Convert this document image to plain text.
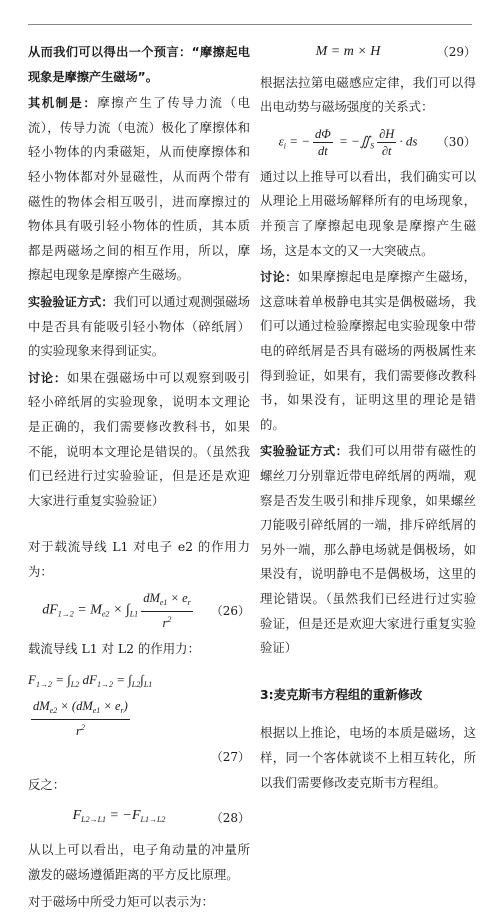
从而我们可以得出一个预言：“摩擦起电现象是摩擦产生磁场”。

其机制是：摩擦产生了传导力流（电流），传导力流（电流）极化了摩擦体和轻小物体的内秉磁矩，从而使摩擦体和轻小物体都对外显磁性，从而两个带有磁性的物体会相互吸引，进而摩擦过的物体具有吸引轻小物体的性质，其本质都是两磁场之间的相互作用，所以，摩擦起电现象是摩擦产生磁场。

实验验证方式：我们可以通过观测强磁场中是否具有能吸引轻小物体（碎纸屑）的实验现象来得到证实。

讨论：如果在强磁场中可以观察到吸引轻小碎纸屑的实验现象，说明本文理论是正确的，我们需要修改教科书，如果不能，说明本文理论是错误的。（虽然我们已经进行过实验验证，但是还是欢迎大家进行重复实验验证）

对于载流导线 L1 对电子 e2 的作用力为：

$dF_{1\to 2} = M_{e2} \times \int_{L1} \frac{dM_{e1} \times e_r}{r^2} (26)$

载流导线 L1 对 L2 的作用力：

$F_{1\to 2} = \int_{L2}$ $dF_{1\to 2} = \int_{L2}\int_{L1}$
$\frac{dM_{e2} \times (dM_{e1} \times e_r)}{r^2}$

（27）

反之：

$F_{L2\to L1} = -F_{L1\to L2}$	（28）

从以上可以看出，电子角动量的冲量所激发的磁场遵循距离的平方反比原理。

对于磁场中所受力矩可以表示为：

M = m × H	（29）

根据法拉第电磁感应定律，我们可以得出电动势与磁场强度的关系式：

$\varepsilon_i$ = − $\frac{d\Phi}{dt}$ = $-∬_S \frac{\partial H}{\partial t}$ · ds	（30）

通过以上推导可以看出，我们确实可以从理论上用磁场解释所有的电场现象，并预言了摩擦起电现象是摩擦产生磁场，这是本文的又一大突破点。

讨论：如果摩擦起电是摩擦产生磁场，这意味着单极静电其实是偶极磁场，我们可以通过检验摩擦起电实验现象中带电的碎纸屑是否具有磁场的两极属性来得到验证，如果有，我们需要修改教科书，如果没有，证明这里的理论是错的。

实验验证方式：我们可以用带有磁性的螺丝刀分别靠近带电碎纸屑的两端，观察是否发生吸引和排斥现象，如果螺丝刀能吸引碎纸屑的一端，排斥碎纸屑的另外一端，那么静电场就是偶极场，如果没有，说明静电不是偶极场，这里的理论错误。（虽然我们已经进行过实验验证，但是还是欢迎大家进行重复实验验证）

3:麦克斯韦方程组的重新修改

根据以上推论，电场的本质是磁场，这样，同一个客体就谈不上相互转化，所以我们需要修改麦克斯韦方程组。
